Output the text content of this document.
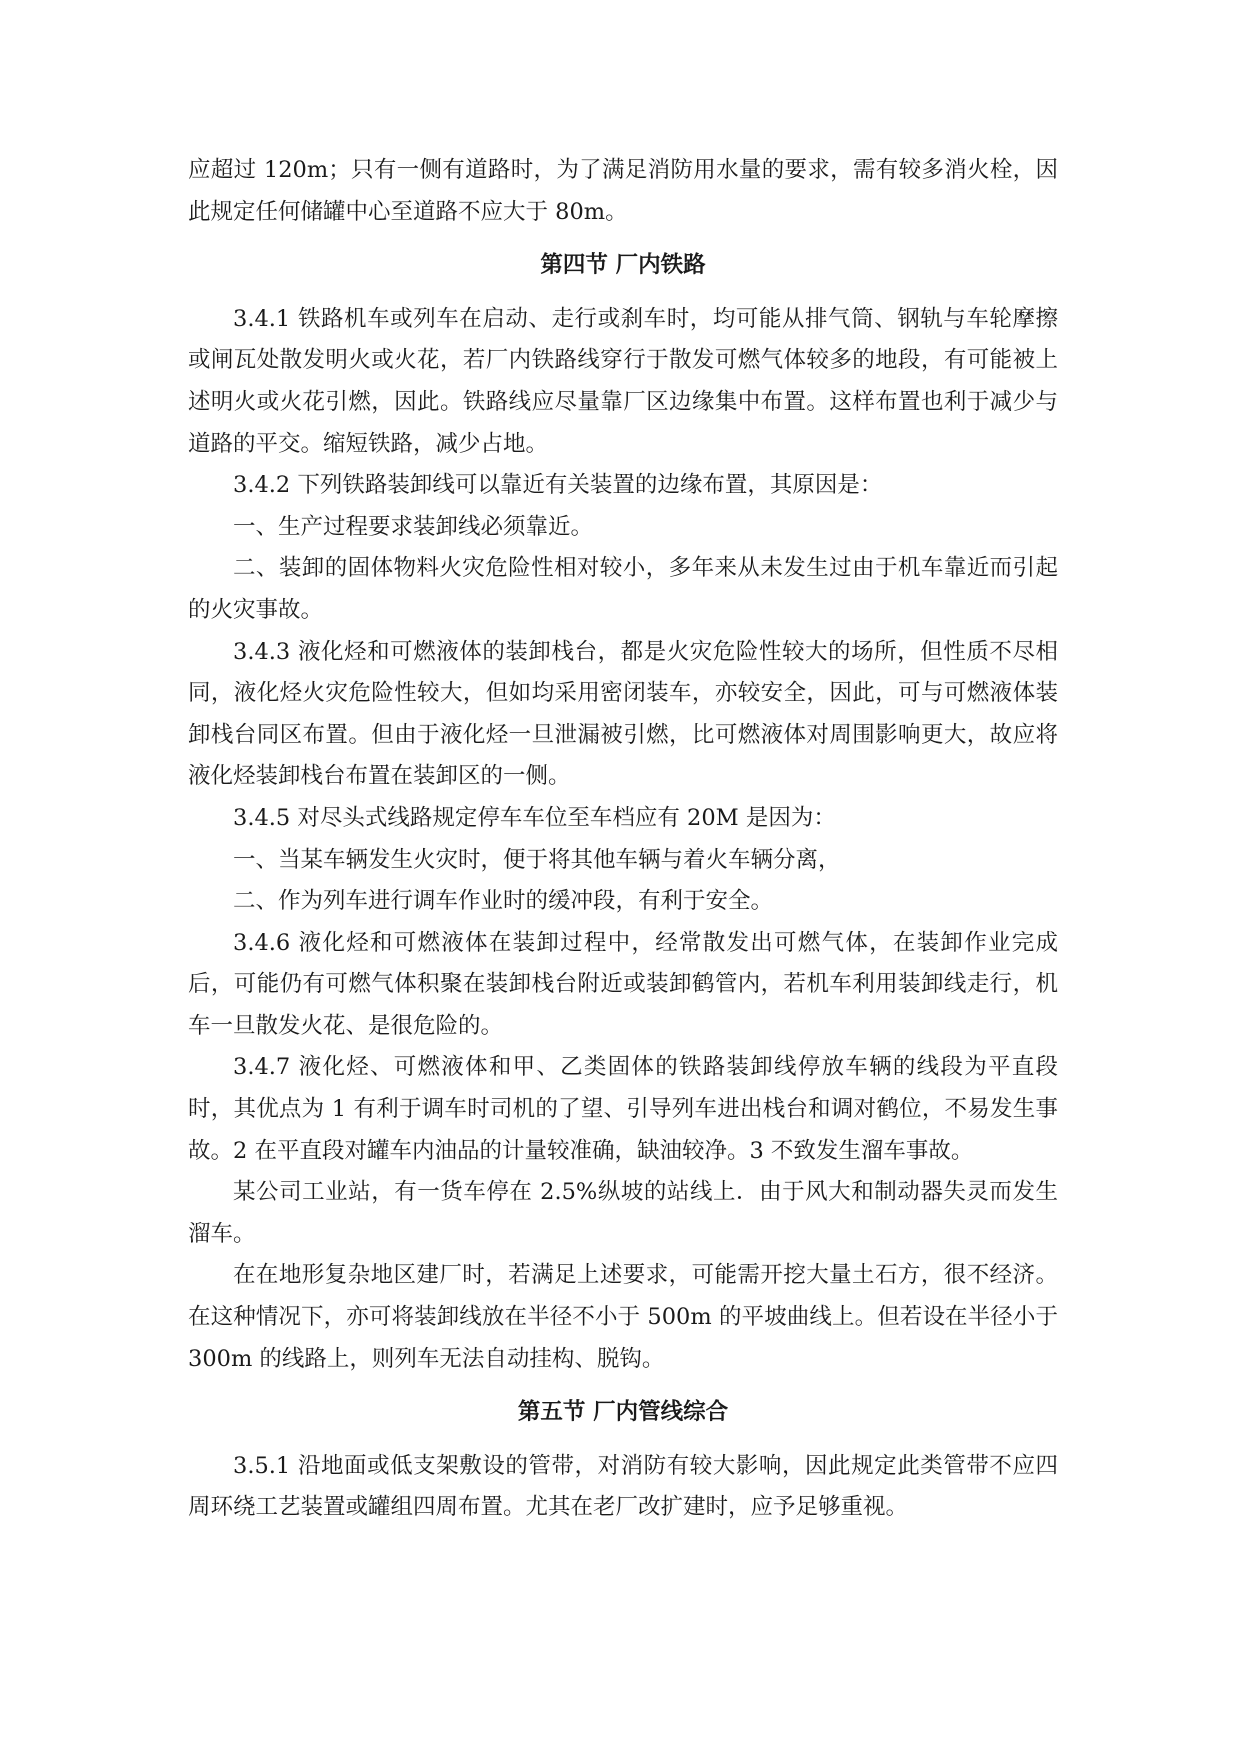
应超过 120m；只有一侧有道路时，为了满足消防用水量的要求，需有较多消火栓，因此规定任何储罐中心至道路不应大于 80m。

第四节 厂内铁路

3.4.1 铁路机车或列车在启动、走行或刹车时，均可能从排气筒、钢轨与车轮摩擦或闸瓦处散发明火或火花，若厂内铁路线穿行于散发可燃气体较多的地段，有可能被上述明火或火花引燃，因此。铁路线应尽量靠厂区边缘集中布置。这样布置也利于减少与道路的平交。缩短铁路，减少占地。

3.4.2 下列铁路装卸线可以靠近有关装置的边缘布置，其原因是：

一、生产过程要求装卸线必须靠近。

二、装卸的固体物料火灾危险性相对较小，多年来从未发生过由于机车靠近而引起的火灾事故。

3.4.3 液化烃和可燃液体的装卸栈台，都是火灾危险性较大的场所，但性质不尽相同，液化烃火灾危险性较大，但如均采用密闭装车，亦较安全，因此，可与可燃液体装卸栈台同区布置。但由于液化烃一旦泄漏被引燃，比可燃液体对周围影响更大，故应将液化烃装卸栈台布置在装卸区的一侧。

3.4.5 对尽头式线路规定停车车位至车档应有 20M 是因为：

一、当某车辆发生火灾时，便于将其他车辆与着火车辆分离，

二、作为列车进行调车作业时的缓冲段，有利于安全。

3.4.6 液化烃和可燃液体在装卸过程中，经常散发出可燃气体，在装卸作业完成后，可能仍有可燃气体积聚在装卸栈台附近或装卸鹤管内，若机车利用装卸线走行，机车一旦散发火花、是很危险的。

3.4.7 液化烃、可燃液体和甲、乙类固体的铁路装卸线停放车辆的线段为平直段时，其优点为 1 有利于调车时司机的了望、引导列车进出栈台和调对鹤位，不易发生事故。2 在平直段对罐车内油品的计量较准确，缺油较净。3 不致发生溜车事故。

某公司工业站，有一货车停在 2.5%纵坡的站线上．由于风大和制动器失灵而发生溜车。

在在地形复杂地区建厂时，若满足上述要求，可能需开挖大量土石方，很不经济。在这种情况下，亦可将装卸线放在半径不小于 500m 的平坡曲线上。但若设在半径小于 300m 的线路上，则列车无法自动挂构、脱钩。

第五节 厂内管线综合

3.5.1 沿地面或低支架敷设的管带，对消防有较大影响，因此规定此类管带不应四周环绕工艺装置或罐组四周布置。尤其在老厂改扩建时，应予足够重视。
